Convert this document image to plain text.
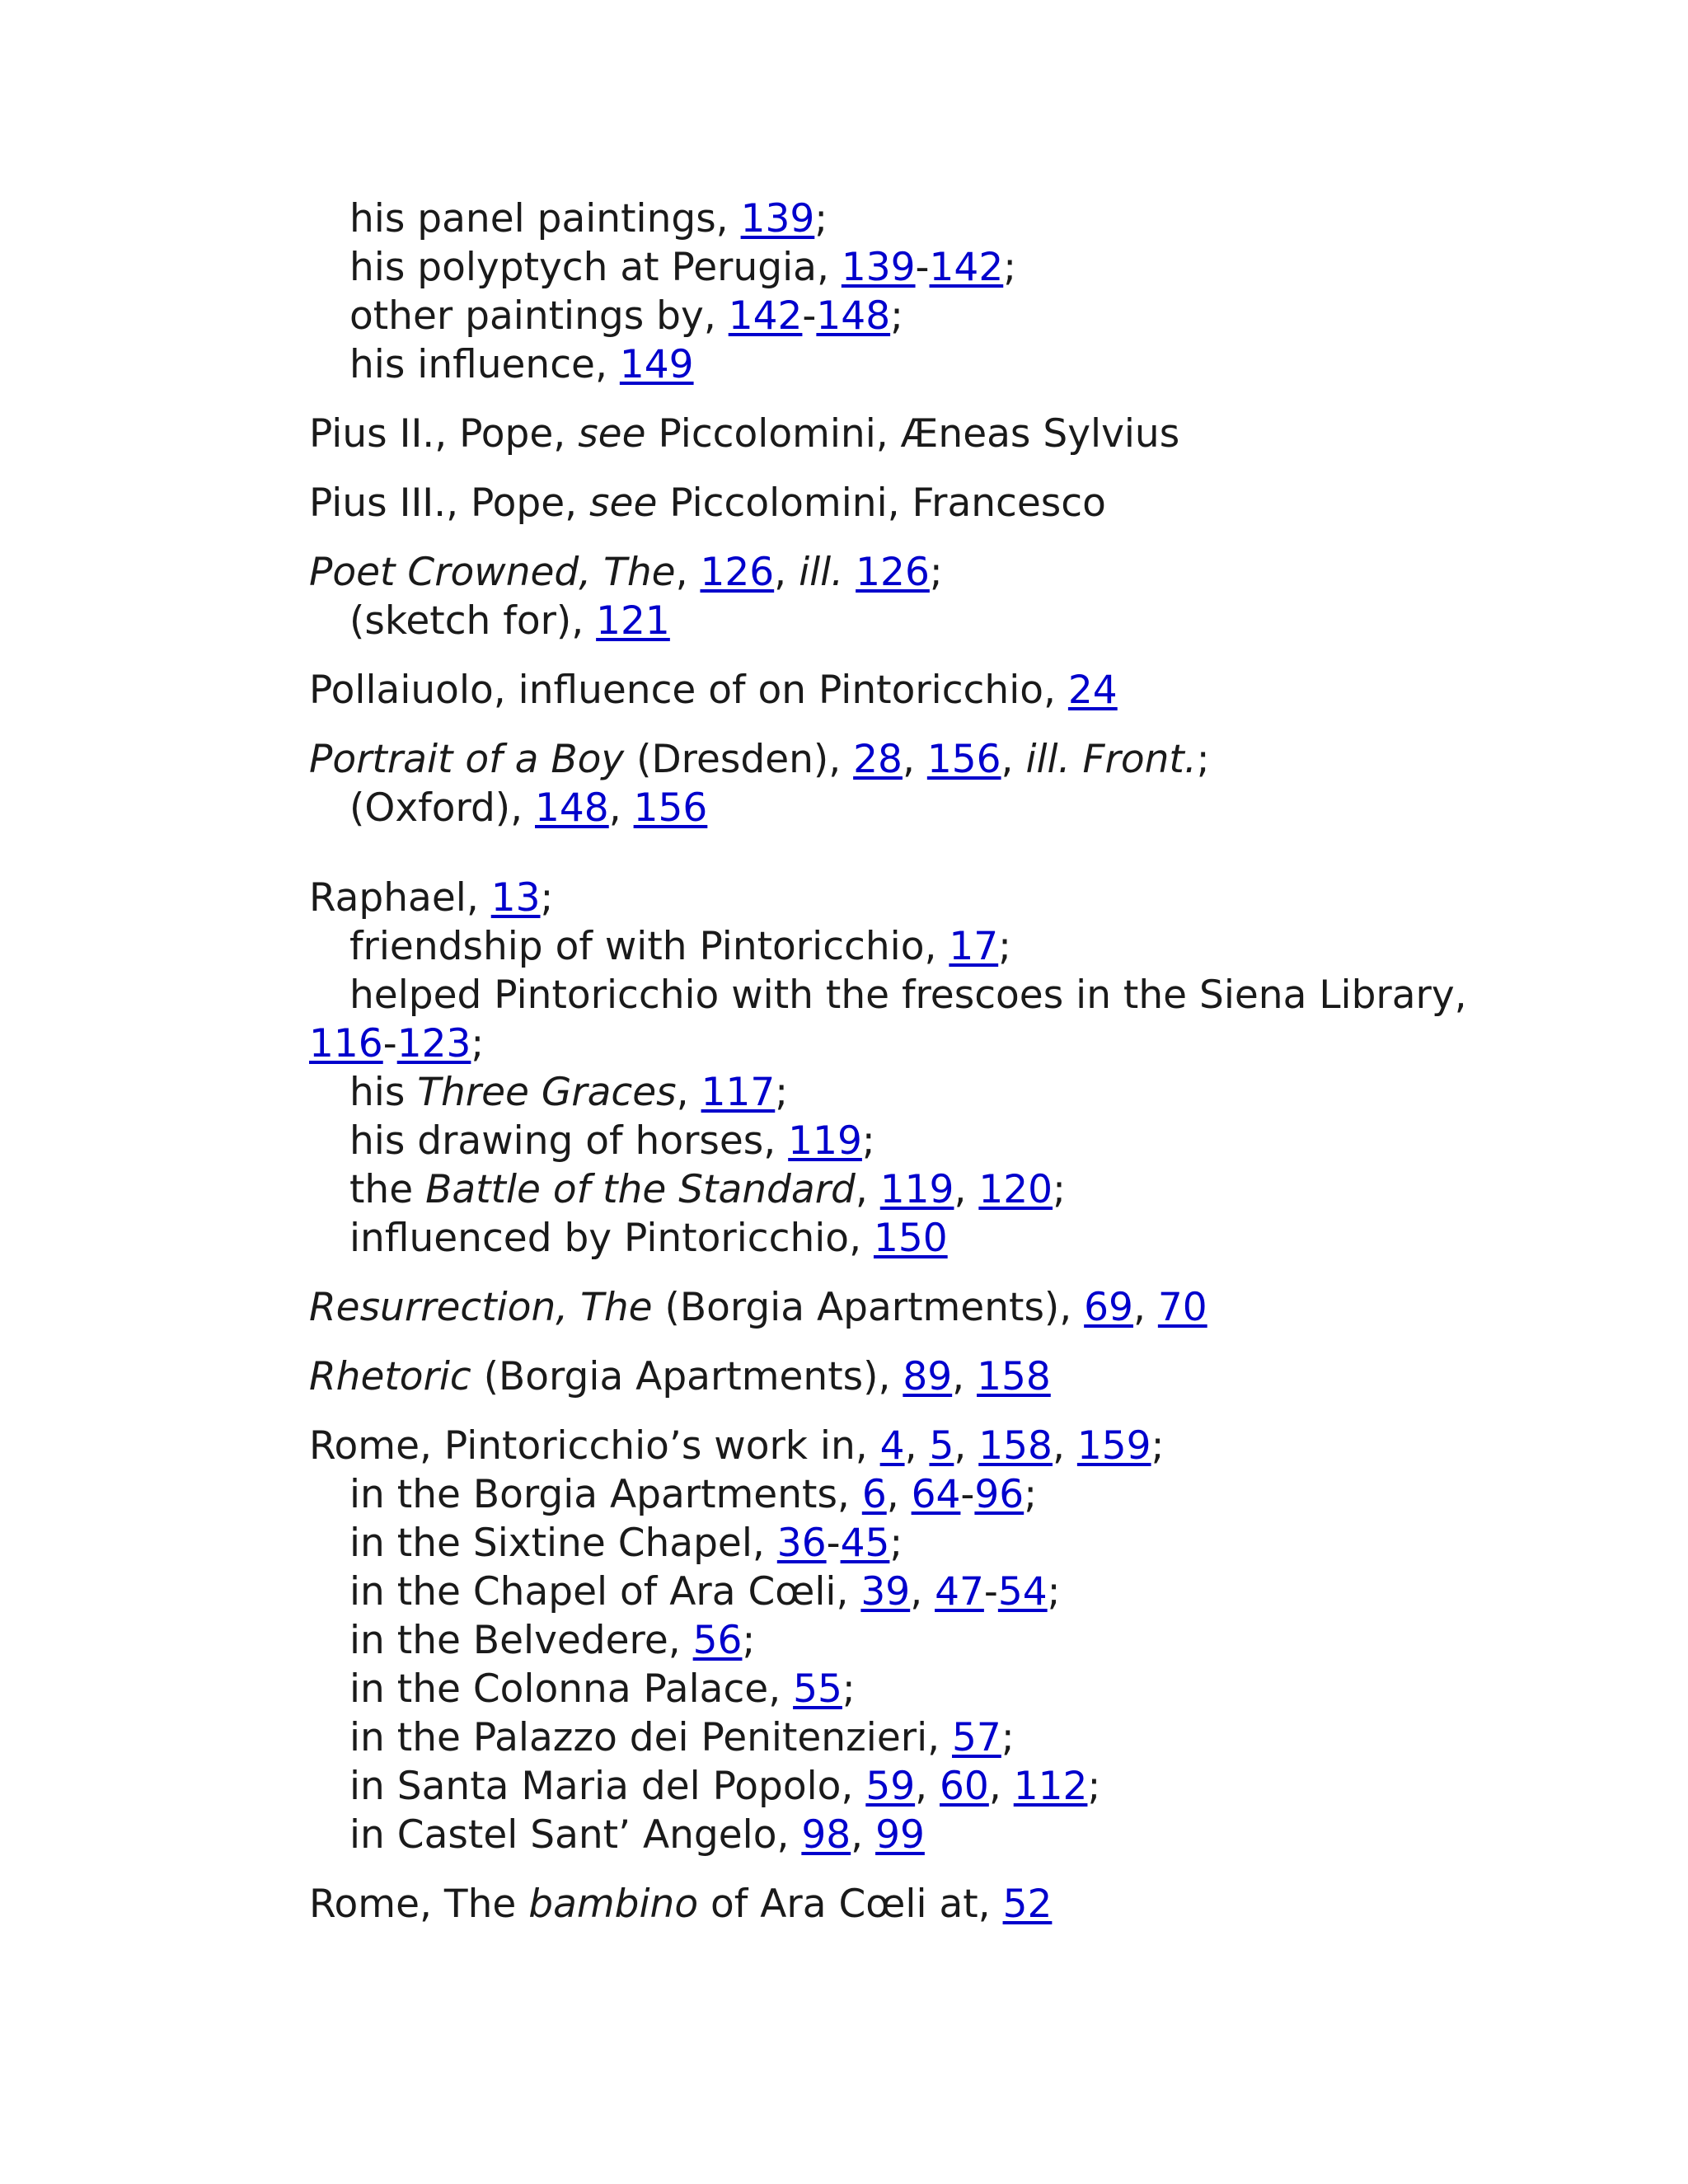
his panel paintings, 139;
his polyptych at Perugia, 139-142;
other paintings by, 142-148;
his influence, 149
Pius II., Pope, see Piccolomini, Æneas Sylvius
Pius III., Pope, see Piccolomini, Francesco
Poet Crowned, The, 126, ill. 126;
(sketch for), 121
Pollaiuolo, influence of on Pintoricchio, 24
Portrait of a Boy (Dresden), 28, 156, ill. Front.;
(Oxford), 148, 156
Raphael, 13;
friendship of with Pintoricchio, 17;
helped Pintoricchio with the frescoes in the Siena Library,
116-123;
his Three Graces, 117;
his drawing of horses, 119;
the Battle of the Standard, 119, 120;
influenced by Pintoricchio, 150
Resurrection, The (Borgia Apartments), 69, 70
Rhetoric (Borgia Apartments), 89, 158
Rome, Pintoricchio’s work in, 4, 5, 158, 159;
in the Borgia Apartments, 6, 64-96;
in the Sixtine Chapel, 36-45;
in the Chapel of Ara Cœli, 39, 47-54;
in the Belvedere, 56;
in the Colonna Palace, 55;
in the Palazzo dei Penitenzieri, 57;
in Santa Maria del Popolo, 59, 60, 112;
in Castel Sant’ Angelo, 98, 99
Rome, The bambino of Ara Cœli at, 52
